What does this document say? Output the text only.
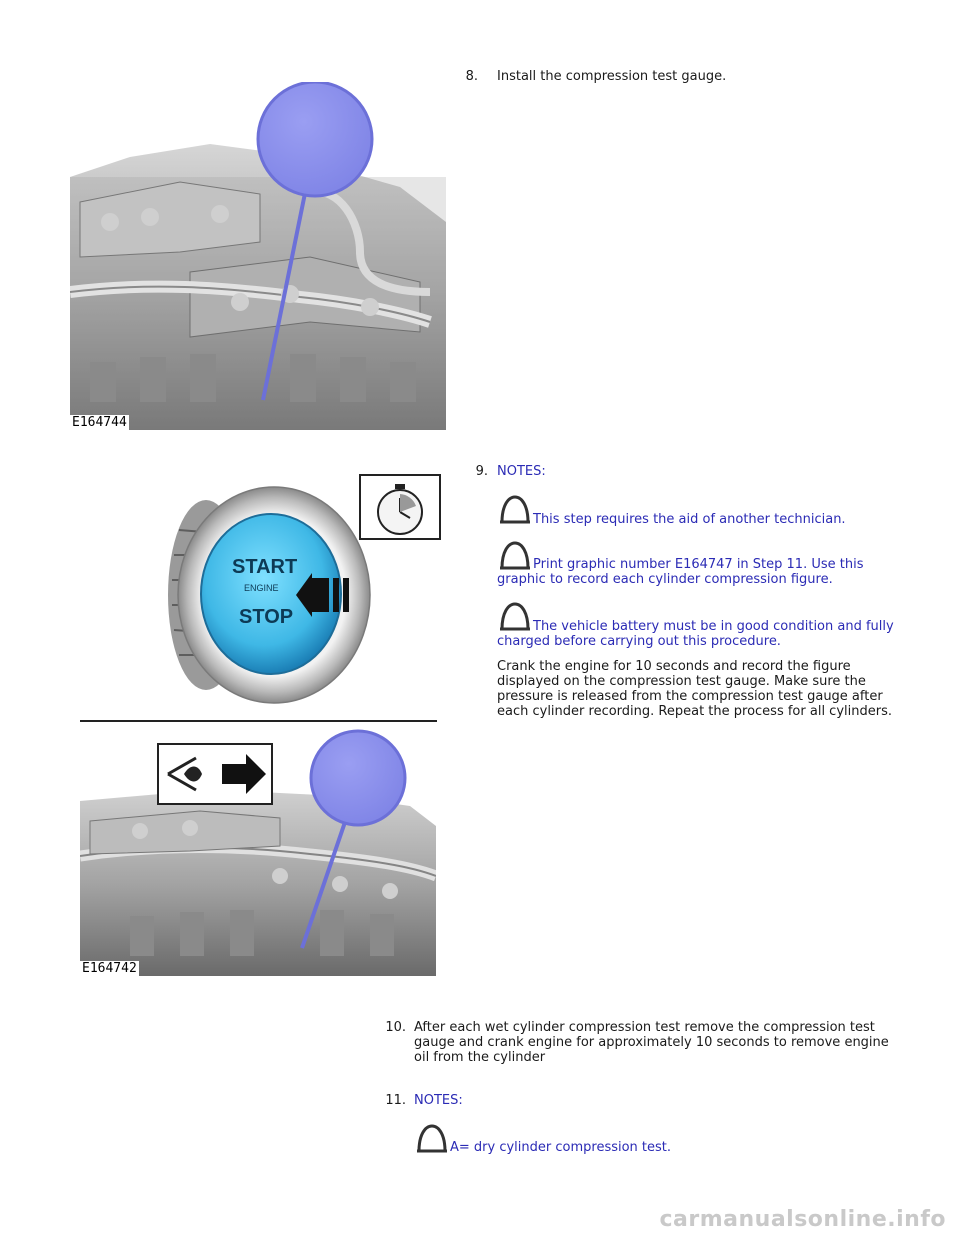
8. Install the compression test gauge.
E164744
9. NOTES:
This step requires the aid of another technician.
Print graphic number E164747 in Step 11. Use this
graphic to record each cylinder compression figure.
The vehicle battery must be in good condition and fully
charged before carrying out this procedure.
Crank the engine for 10 seconds and record the figure
displayed on the compression test gauge. Make sure the
pressure is released from the compression test gauge after
each cylinder recording. Repeat the process for all cylinders.
START
ENGINE
STOP
E164742
10. After each wet cylinder compression test remove the compression test
gauge and crank engine for approximately 10 seconds to remove engine
oil from the cylinder
11. NOTES:
A= dry cylinder compression test.
carmanualsonline.info
